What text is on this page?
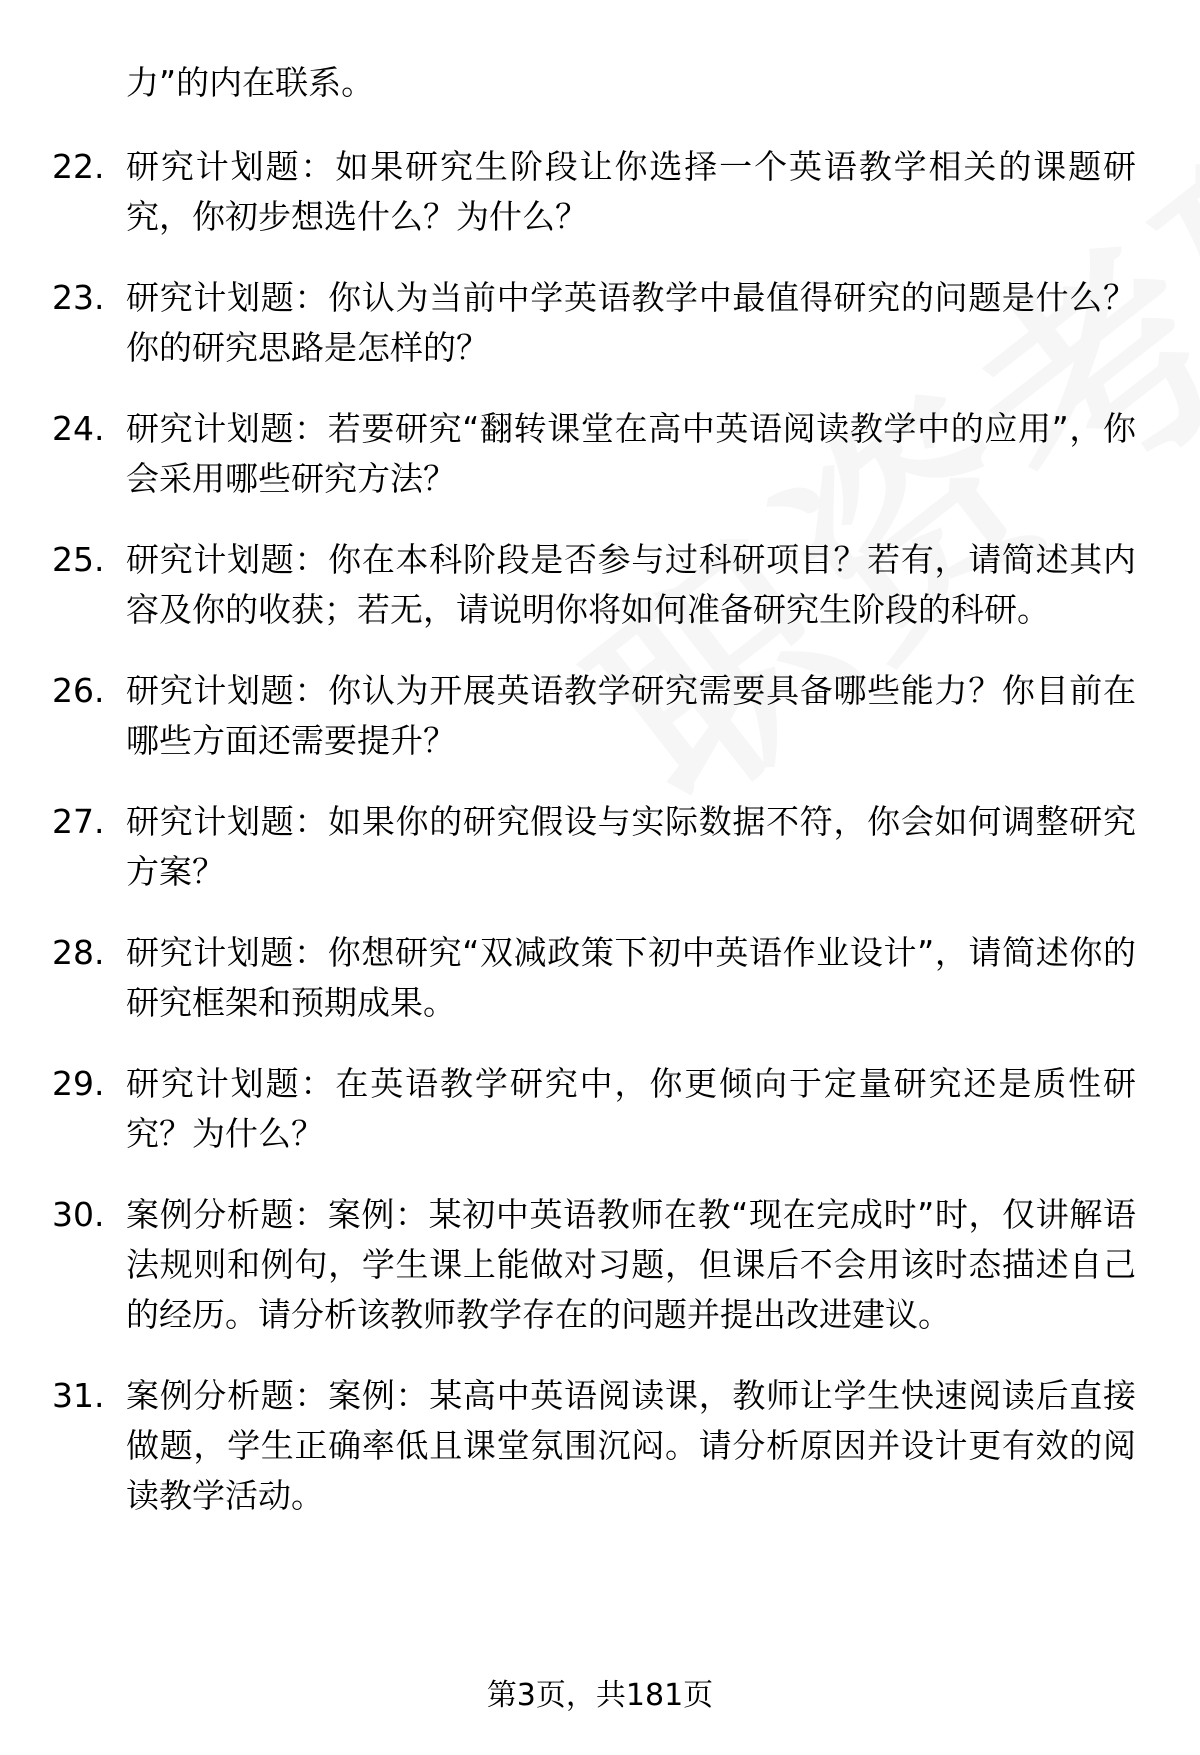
力”的内在联系。
22. 研究计划题：如果研究生阶段让你选择一个英语教学相关的课题研究，你初步想选什么？为什么？
23. 研究计划题：你认为当前中学英语教学中最值得研究的问题是什么？你的研究思路是怎样的？
24. 研究计划题：若要研究“翻转课堂在高中英语阅读教学中的应用”，你会采用哪些研究方法？
25. 研究计划题：你在本科阶段是否参与过科研项目？若有，请简述其内容及你的收获；若无，请说明你将如何准备研究生阶段的科研。
26. 研究计划题：你认为开展英语教学研究需要具备哪些能力？你目前在哪些方面还需要提升？
27. 研究计划题：如果你的研究假设与实际数据不符，你会如何调整研究方案？
28. 研究计划题：你想研究“双减政策下初中英语作业设计”，请简述你的研究框架和预期成果。
29. 研究计划题：在英语教学研究中，你更倾向于定量研究还是质性研究？为什么？
30. 案例分析题：案例：某初中英语教师在教“现在完成时”时，仅讲解语法规则和例句，学生课上能做对习题，但课后不会用该时态描述自己的经历。请分析该教师教学存在的问题并提出改进建议。
31. 案例分析题：案例：某高中英语阅读课，教师让学生快速阅读后直接做题，学生正确率低且课堂氛围沉闷。请分析原因并设计更有效的阅读教学活动。
第3页，共181页
